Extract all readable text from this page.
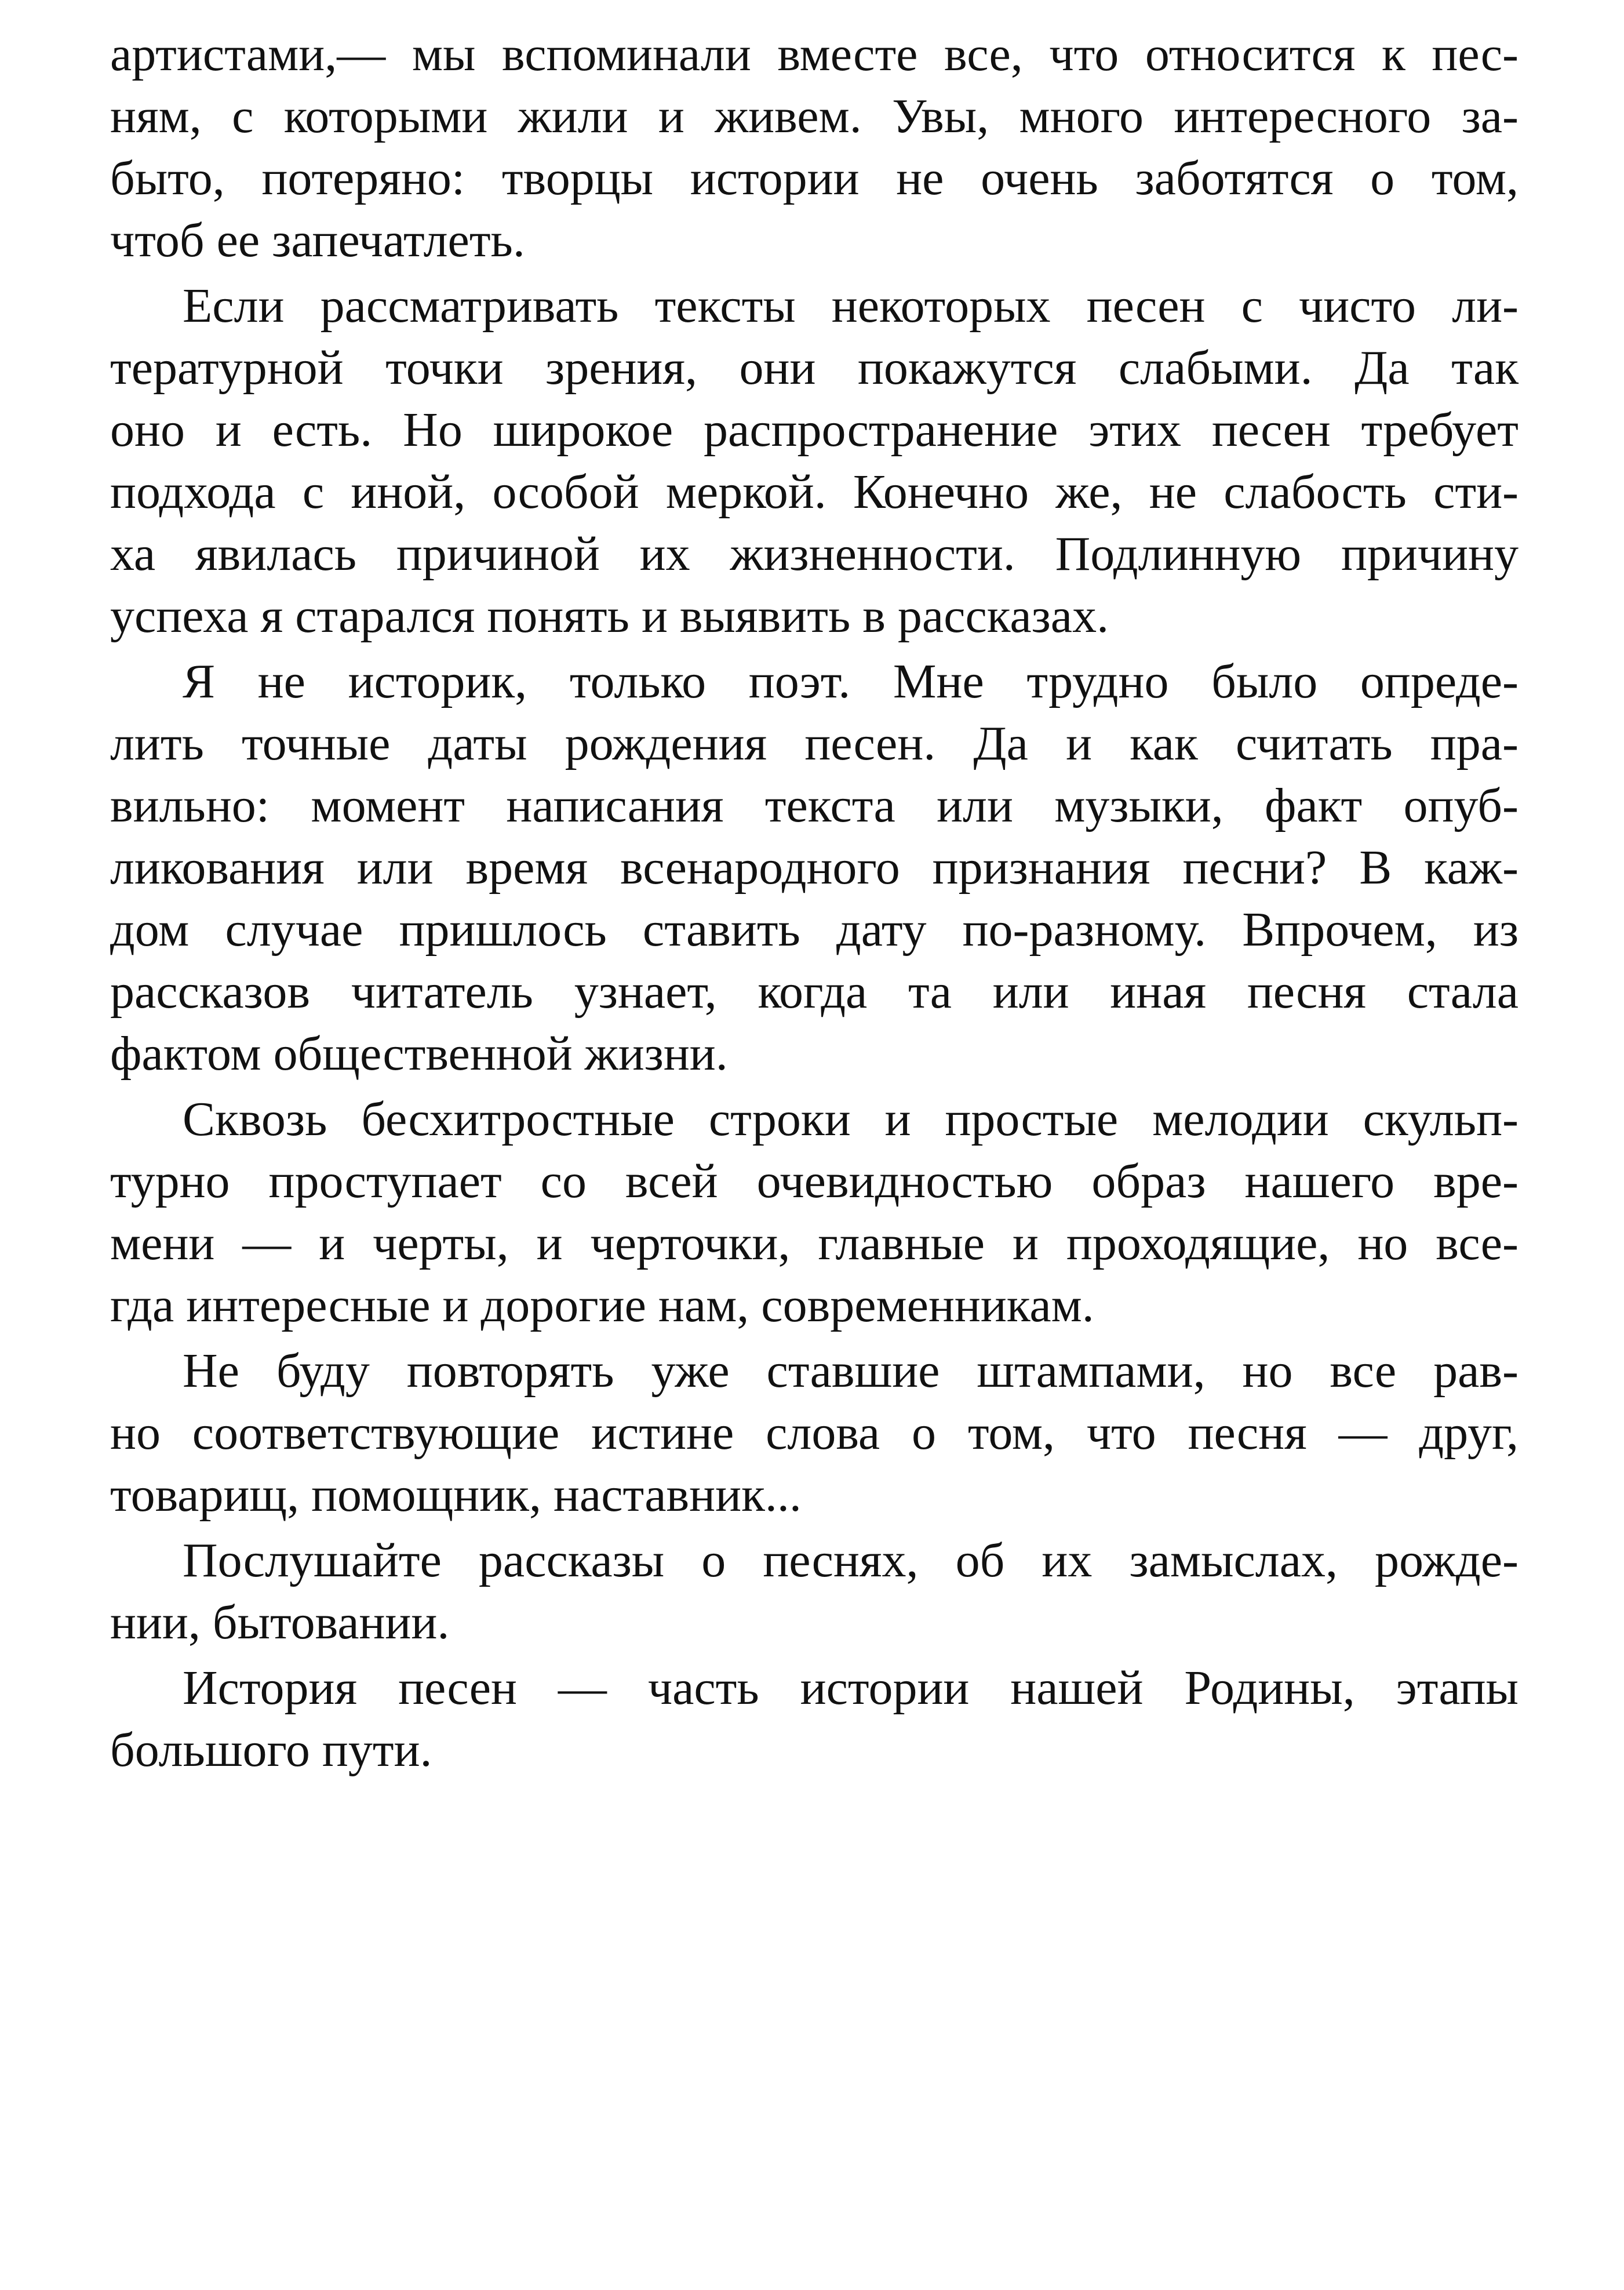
артистами,— мы вспоминали вместе все, что относится к пес-
ням, с которыми жили и живем. Увы, много интересного за-
быто, потеряно: творцы истории не очень заботятся о том,
чтоб ее запечатлеть.

Если рассматривать тексты некоторых песен с чисто ли-
тературной точки зрения, они покажутся слабыми. Да так
оно и есть. Но широкое распространение этих песен требует
подхода с иной, особой меркой. Конечно же, не слабость сти-
ха явилась причиной их жизненности. Подлинную причину
успеха я старался понять и выявить в рассказах.

Я не историк, только поэт. Мне трудно было опреде-
лить точные даты рождения песен. Да и как считать пра-
вильно: момент написания текста или музыки, факт опуб-
ликования или время всенародного признания песни? В каж-
дом случае пришлось ставить дату по-разному. Впрочем, из
рассказов читатель узнает, когда та или иная песня стала
фактом общественной жизни.

Сквозь бесхитростные строки и простые мелодии скульп-
турно проступает со всей очевидностью образ нашего вре-
мени — и черты, и черточки, главные и проходящие, но все-
гда интересные и дорогие нам, современникам.

Не буду повторять уже ставшие штампами, но все рав-
но соответствующие истине слова о том, что песня — друг,
товарищ, помощник, наставник...

Послушайте рассказы о песнях, об их замыслах, рожде-
нии, бытовании.

История песен — часть истории нашей Родины, этапы
большого пути.
